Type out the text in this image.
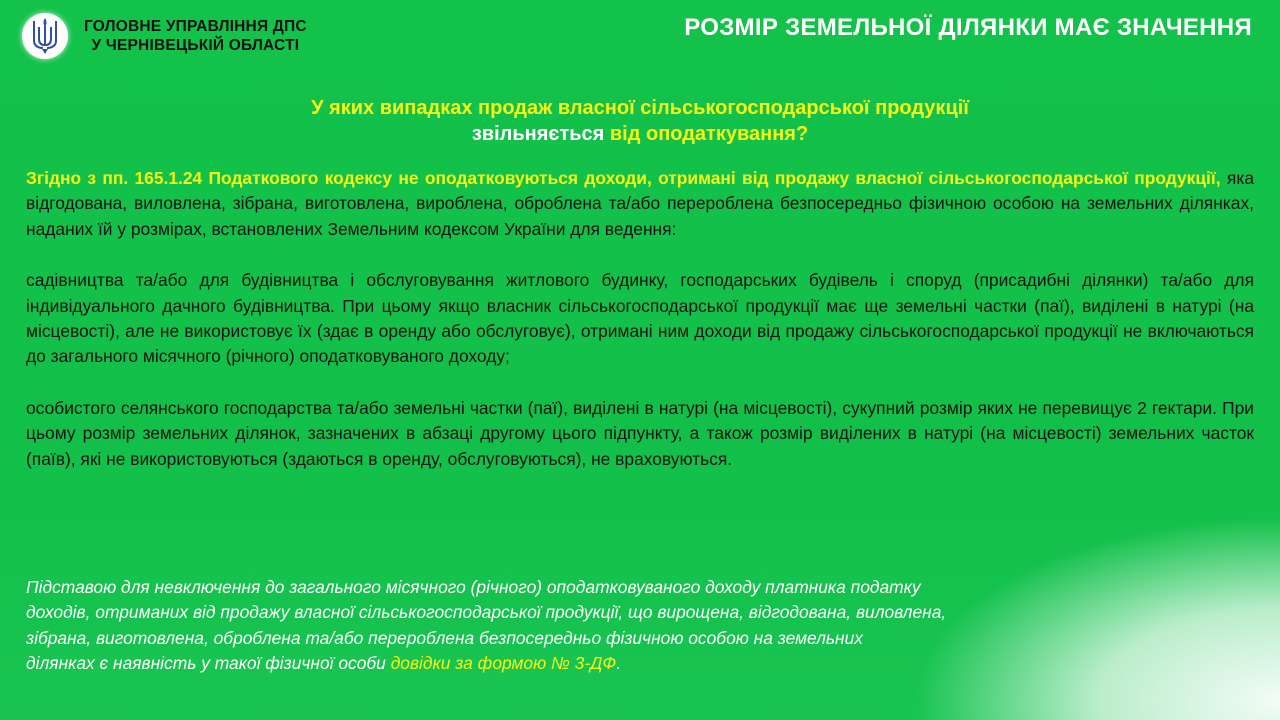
ГОЛОВНЕ УПРАВЛІННЯ ДПС
У ЧЕРНІВЕЦЬКІЙ ОБЛАСТІ
РОЗМІР ЗЕМЕЛЬНОЇ ДІЛЯНКИ МАЄ ЗНАЧЕННЯ
У яких випадках продаж власної сільськогосподарської продукції
звільняється від оподаткування?

Згідно з пп. 165.1.24 Податкового кодексу не оподатковуються доходи, отримані від продажу власної сільськогосподарської продукції, яка відгодована, виловлена, зібрана, виготовлена, вироблена, оброблена та/або перероблена безпосередньо фізичною особою на земельних ділянках, наданих їй у розмірах, встановлених Земельним кодексом України для ведення:

садівництва та/або для будівництва і обслуговування житлового будинку, господарських будівель і споруд (присадибні ділянки) та/або для індивідуального дачного будівництва. При цьому якщо власник сільськогосподарської продукції має ще земельні частки (паї), виділені в натурі (на місцевості), але не використовує їх (здає в оренду або обслуговує), отримані ним доходи від продажу сільськогосподарської продукції не включаються до загального місячного (річного) оподатковуваного доходу;

особистого селянського господарства та/або земельні частки (паї), виділені в натурі (на місцевості), сукупний розмір яких не перевищує 2 гектари. При цьому розмір земельних ділянок, зазначених в абзаці другому цього підпункту, а також розмір виділених в натурі (на місцевості) земельних часток (паїв), які не використовуються (здаються в оренду, обслуговуються), не враховуються.

Підставою для невключення до загального місячного (річного) оподатковуваного доходу платника податку
доходів, отриманих від продажу власної сільськогосподарської продукції, що вирощена, відгодована, виловлена,
зібрана, виготовлена, оброблена та/або перероблена безпосередньо фізичною особою на земельних
ділянках є наявність у такої фізичної особи довідки за формою № 3-ДФ.
